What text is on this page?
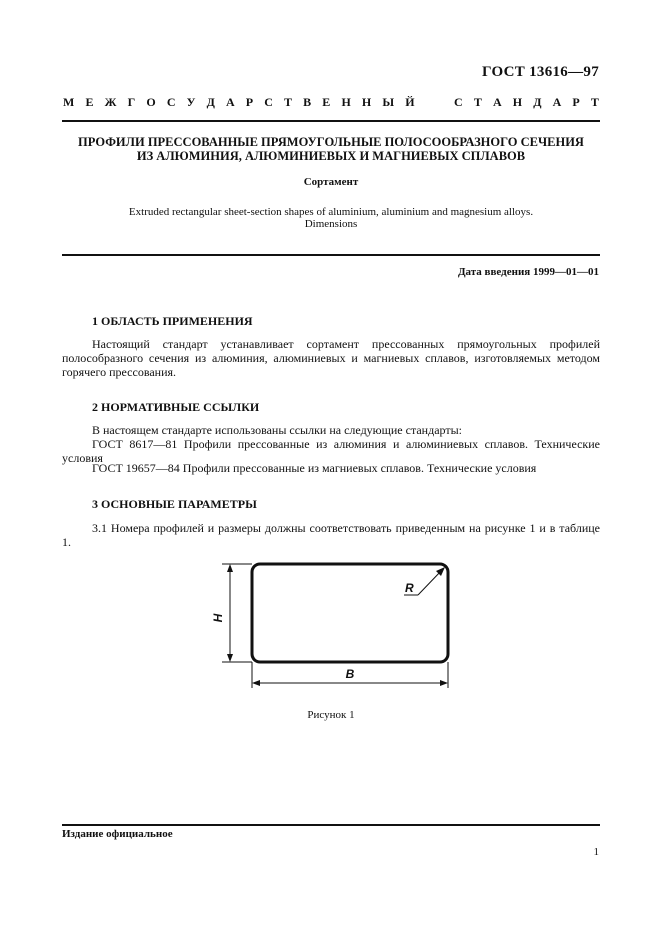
ГОСТ 13616—97
М Е Ж Г О С У Д А Р С Т В Е Н Н Ы Й

	С Т А Н Д А Р Т
ПРОФИЛИ ПРЕССОВАННЫЕ ПРЯМОУГОЛЬНЫЕ ПОЛОСООБРАЗНОГО СЕЧЕНИЯ
ИЗ АЛЮМИНИЯ, АЛЮМИНИЕВЫХ И МАГНИЕВЫХ СПЛАВОВ
Сортамент
Extruded rectangular sheet-section shapes of aluminium, aluminium and magnesium alloys.
Dimensions
Дата введения 1999—01—01
1 ОБЛАСТЬ ПРИМЕНЕНИЯ
Настоящий стандарт устанавливает сортамент прессованных прямоугольных профилей полособразного сечения из алюминия, алюминиевых и магниевых сплавов, изготовляемых методом горячего прессования.
2 НОРМАТИВНЫЕ ССЫЛКИ
В настоящем стандарте использованы ссылки на следующие стандарты:
ГОСТ 8617—81 Профили прессованные из алюминия и алюминиевых сплавов. Технические условия
ГОСТ 19657—84 Профили прессованные из магниевых сплавов. Технические условия
3 ОСНОВНЫЕ ПАРАМЕТРЫ
3.1 Номера профилей и размеры должны соответствовать приведенным на рисунке 1 и в таблице 1.
H
B
R
Рисунок 1
Издание официальное
1
